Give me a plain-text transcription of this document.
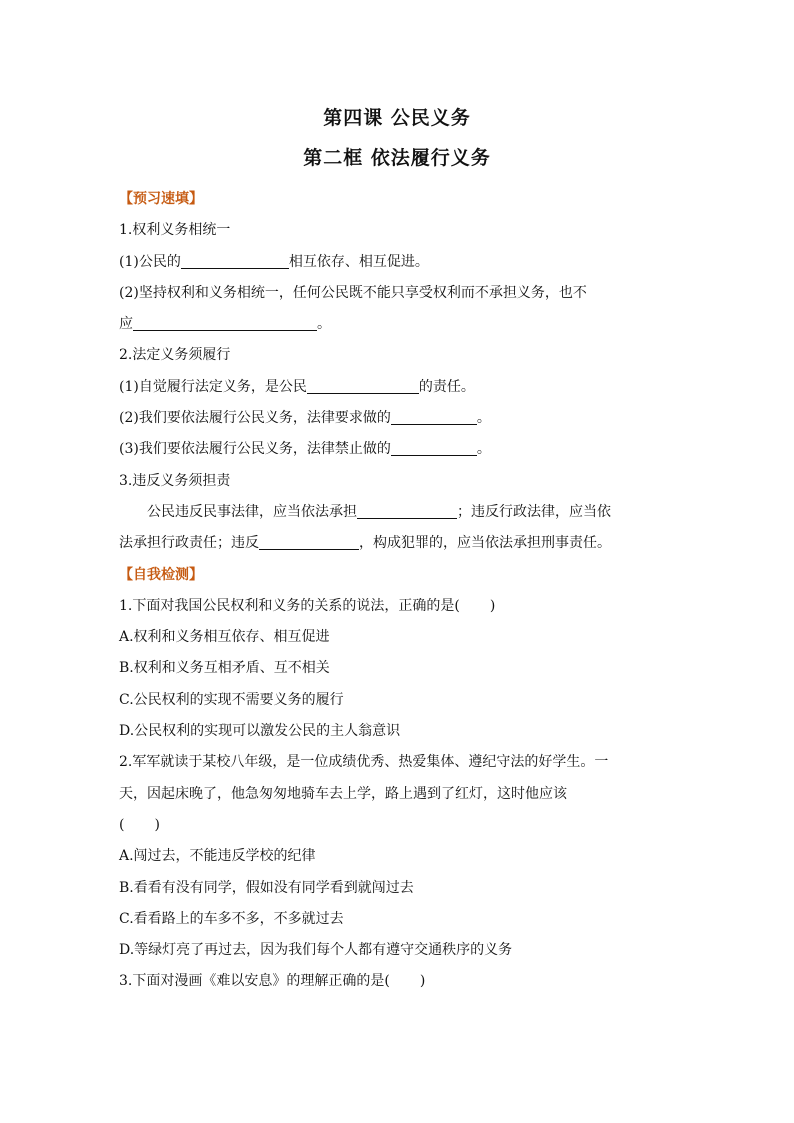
第四课 公民义务
第二框 依法履行义务
【预习速填】
1.权利义务相统一
(1)公民的	相互依存、相互促进。
(2)坚持权利和义务相统一，任何公民既不能只享受权利而不承担义务，也不
应	。
2.法定义务须履行
(1)自觉履行法定义务，是公民	的责任。
(2)我们要依法履行公民义务，法律要求做的	。
(3)我们要依法履行公民义务，法律禁止做的	。
3.违反义务须担责
公民违反民事法律，应当依法承担	；违反行政法律，应当依
法承担行政责任；违反	，构成犯罪的，应当依法承担刑事责任。
【自我检测】
1.下面对我国公民权利和义务的关系的说法，正确的是( )
A.权利和义务相互依存、相互促进
B.权利和义务互相矛盾、互不相关
C.公民权利的实现不需要义务的履行
D.公民权利的实现可以激发公民的主人翁意识
2.军军就读于某校八年级，是一位成绩优秀、热爱集体、遵纪守法的好学生。一
天，因起床晚了，他急匆匆地骑车去上学，路上遇到了红灯，这时他应该
( )
A.闯过去，不能违反学校的纪律
B.看看有没有同学，假如没有同学看到就闯过去
C.看看路上的车多不多，不多就过去
D.等绿灯亮了再过去，因为我们每个人都有遵守交通秩序的义务
3.下面对漫画《难以安息》的理解正确的是( )
